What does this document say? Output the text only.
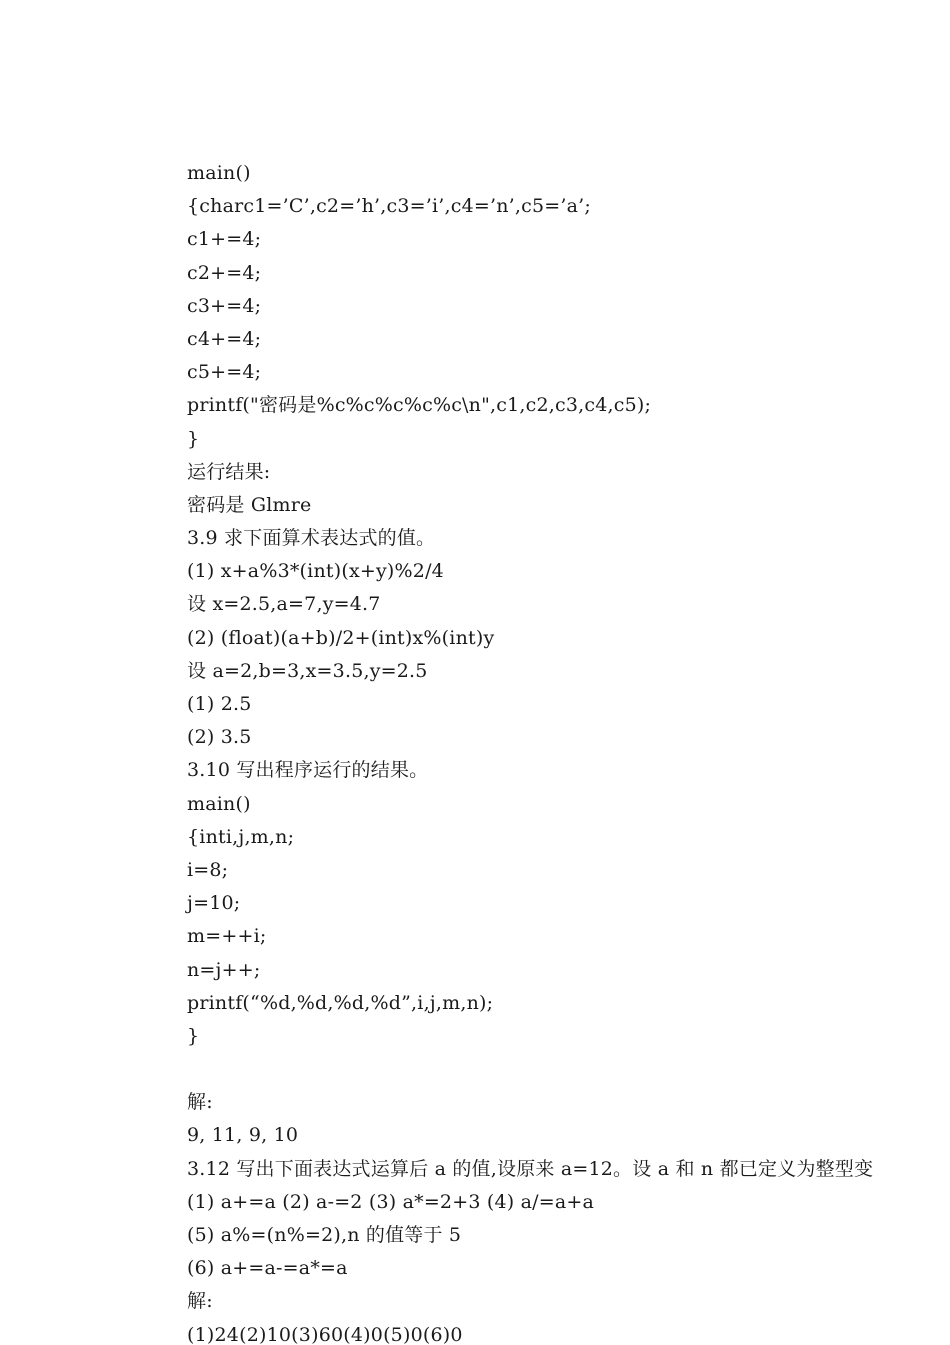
main()
{charc1=’C’,c2=’h’,c3=’i’,c4=’n’,c5=’a’;
c1+=4;
c2+=4;
c3+=4;
c4+=4;
c5+=4;
printf("密码是%c%c%c%c%c\n",c1,c2,c3,c4,c5);
}
运行结果:
密码是 Glmre
3.9 求下面算术表达式的值。
(1) x+a%3*(int)(x+y)%2/4
设 x=2.5,a=7,y=4.7
(2) (float)(a+b)/2+(int)x%(int)y
设 a=2,b=3,x=3.5,y=2.5
(1) 2.5
(2) 3.5
3.10 写出程序运行的结果。
main()
{inti,j,m,n;
i=8;
j=10;
m=++i;
n=j++;
printf(“%d,%d,%d,%d”,i,j,m,n);
}
解:
9, 11, 9, 10
3.12 写出下面表达式运算后 a 的值,设原来 a=12。设 a 和 n 都已定义为整型变
(1) a+=a (2) a-=2 (3) a*=2+3 (4) a/=a+a
(5) a%=(n%=2),n 的值等于 5
(6) a+=a-=a*=a
解:
(1)24(2)10(3)60(4)0(5)0(6)0
